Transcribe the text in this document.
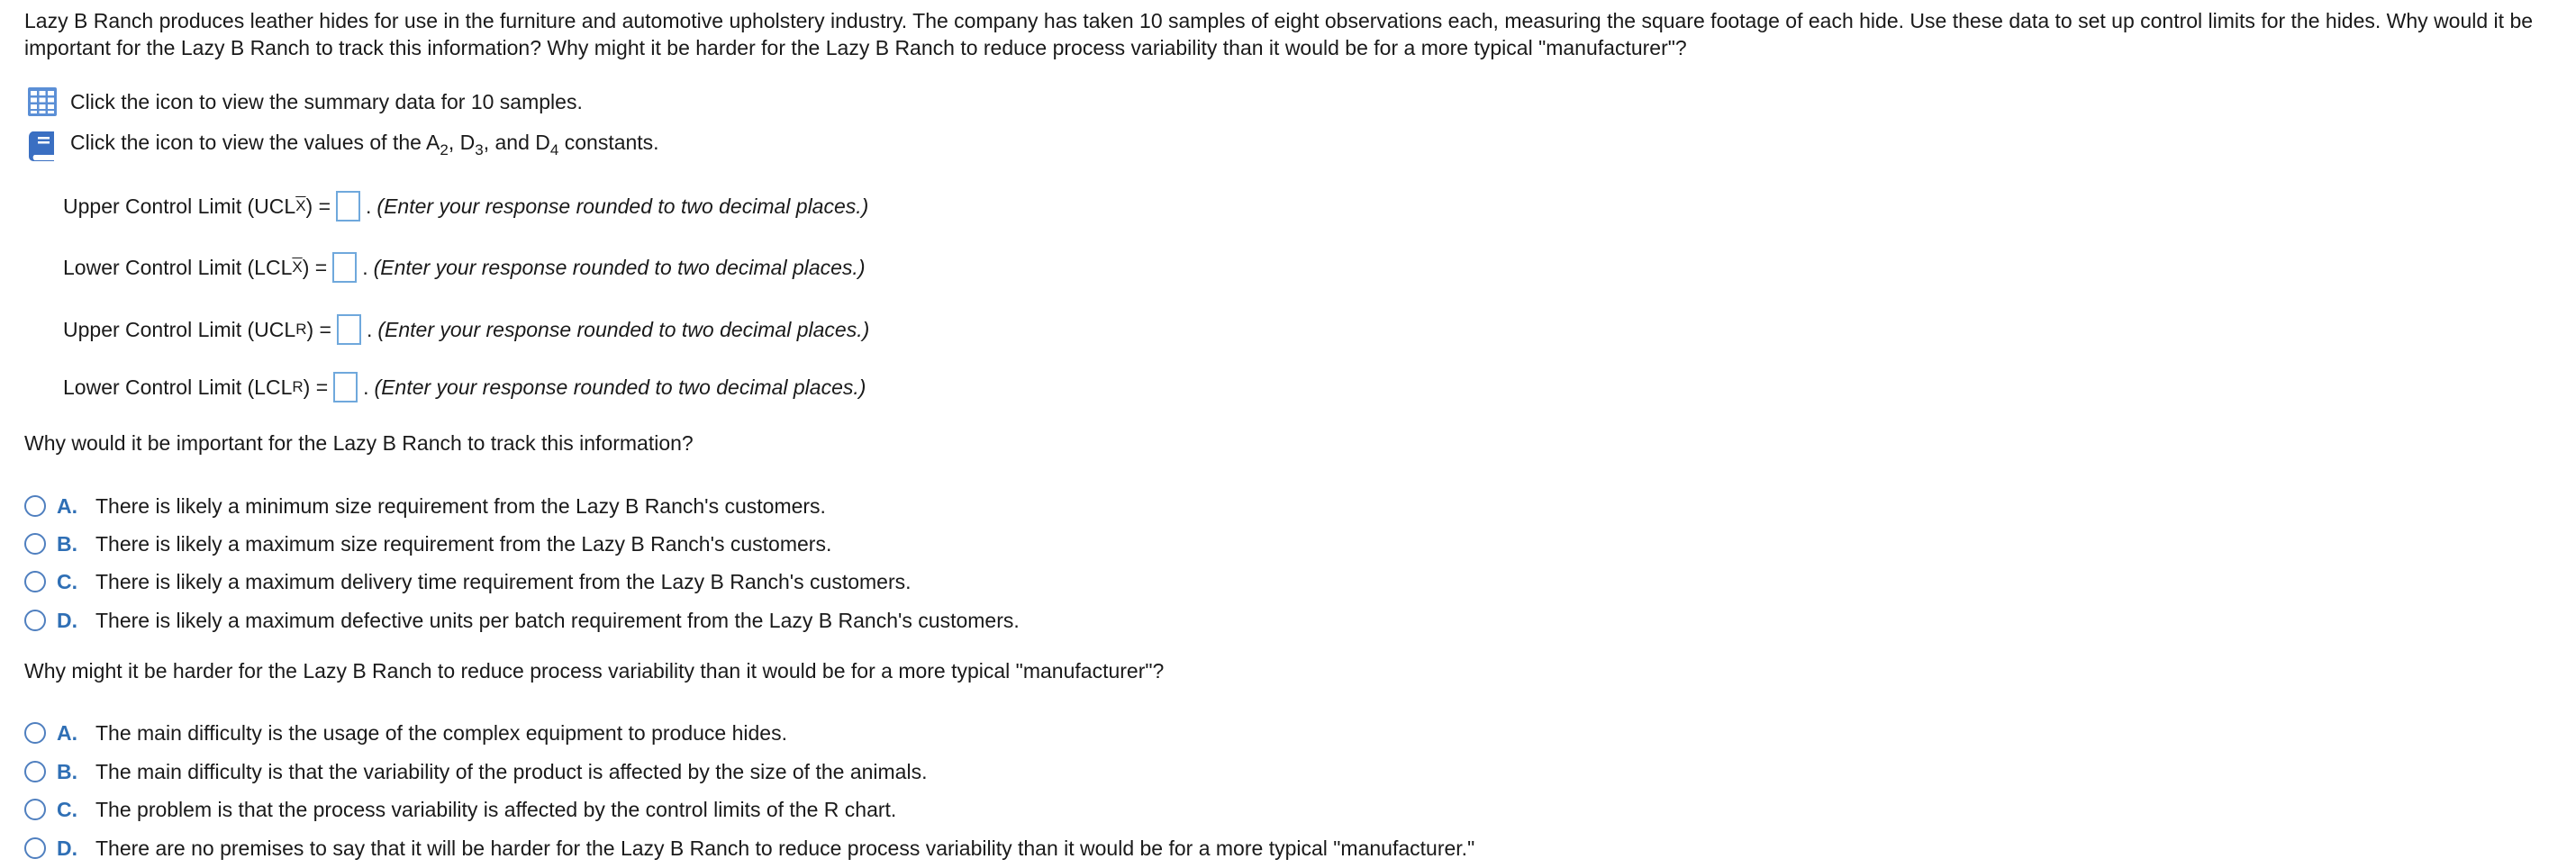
Lazy B Ranch produces leather hides for use in the furniture and automotive upholstery industry. The company has taken 10 samples of eight observations each, measuring the square footage of each hide. Use these data to set up control limits for the hides. Why would it be important for the Lazy B Ranch to track this information? Why might it be harder for the Lazy B Ranch to reduce process variability than it would be for a more typical "manufacturer"?
Click the icon to view the summary data for 10 samples.
Click the icon to view the values of the $A_2$, $D_3$, and $D_4$ constants.
Upper Control Limit (UCL $\overline{X}$ ) = . (Enter your response rounded to two decimal places.)
Lower Control Limit (LCL $\overline{X}$ ) = . (Enter your response rounded to two decimal places.)
Upper Control Limit (UCL R ) = . (Enter your response rounded to two decimal places.)
Lower Control Limit (LCL R ) = . (Enter your response rounded to two decimal places.)
Why would it be important for the Lazy B Ranch to track this information?
A. There is likely a minimum size requirement from the Lazy B Ranch's customers.
B. There is likely a maximum size requirement from the Lazy B Ranch's customers.
C. There is likely a maximum delivery time requirement from the Lazy B Ranch's customers.
D. There is likely a maximum defective units per batch requirement from the Lazy B Ranch's customers.
Why might it be harder for the Lazy B Ranch to reduce process variability than it would be for a more typical "manufacturer"?
A. The main difficulty is the usage of the complex equipment to produce hides.
B. The main difficulty is that the variability of the product is affected by the size of the animals.
C. The problem is that the process variability is affected by the control limits of the R chart.
D. There are no premises to say that it will be harder for the Lazy B Ranch to reduce process variability than it would be for a more typical "manufacturer."
